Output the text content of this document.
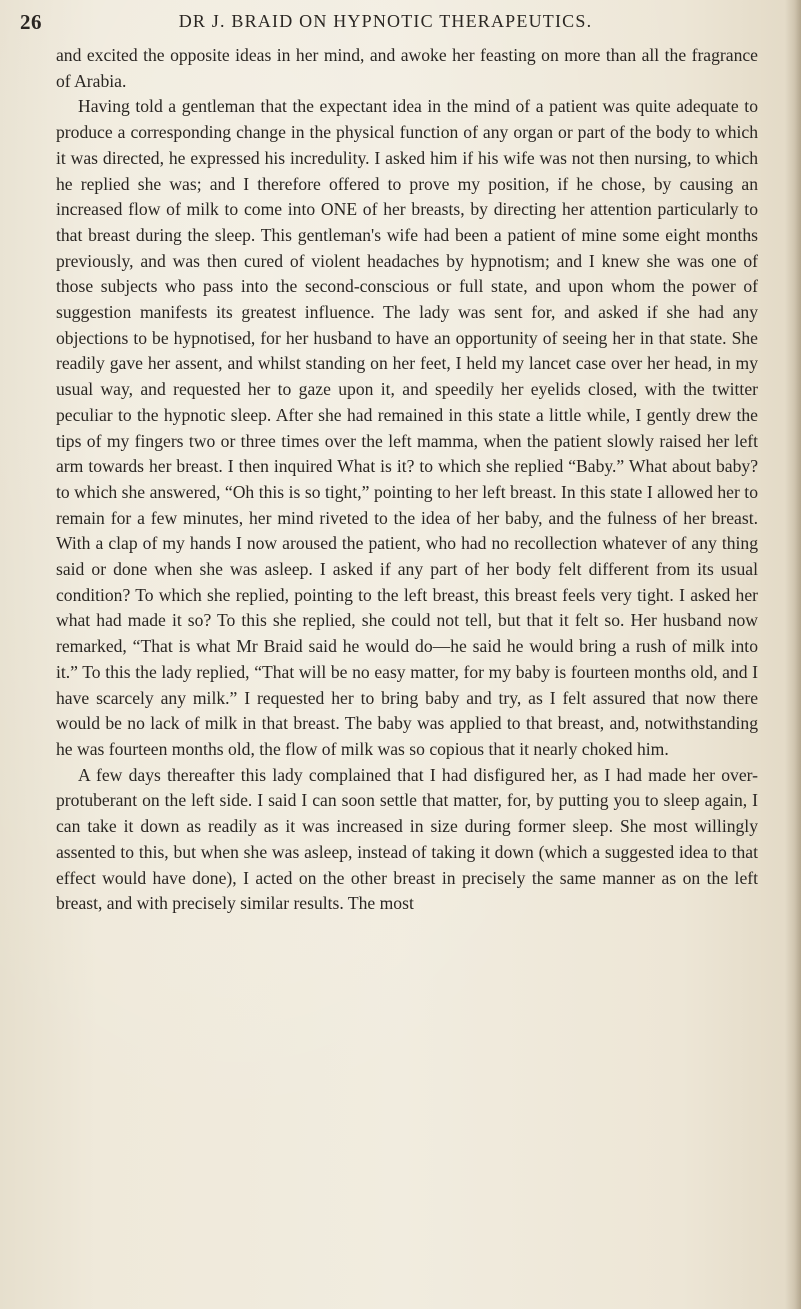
26	DR J. BRAID ON HYPNOTIC THERAPEUTICS.

and excited the opposite ideas in her mind, and awoke her feasting on more than all the fragrance of Arabia.

Having told a gentleman that the expectant idea in the mind of a patient was quite adequate to produce a corresponding change in the physical function of any organ or part of the body to which it was directed, he expressed his incredulity. I asked him if his wife was not then nursing, to which he replied she was; and I therefore offered to prove my position, if he chose, by causing an increased flow of milk to come into ONE of her breasts, by directing her attention particularly to that breast during the sleep. This gentleman's wife had been a patient of mine some eight months previously, and was then cured of violent headaches by hypnotism; and I knew she was one of those subjects who pass into the second-conscious or full state, and upon whom the power of suggestion manifests its greatest influence. The lady was sent for, and asked if she had any objections to be hypnotised, for her husband to have an opportunity of seeing her in that state. She readily gave her assent, and whilst standing on her feet, I held my lancet case over her head, in my usual way, and requested her to gaze upon it, and speedily her eyelids closed, with the twitter peculiar to the hypnotic sleep. After she had remained in this state a little while, I gently drew the tips of my fingers two or three times over the left mamma, when the patient slowly raised her left arm towards her breast. I then inquired What is it? to which she replied “Baby.” What about baby? to which she answered, “Oh this is so tight,” pointing to her left breast. In this state I allowed her to remain for a few minutes, her mind riveted to the idea of her baby, and the fulness of her breast. With a clap of my hands I now aroused the patient, who had no recollection whatever of any thing said or done when she was asleep. I asked if any part of her body felt different from its usual condition? To which she replied, pointing to the left breast, this breast feels very tight. I asked her what had made it so? To this she replied, she could not tell, but that it felt so. Her husband now remarked, “That is what Mr Braid said he would do—he said he would bring a rush of milk into it.” To this the lady replied, “That will be no easy matter, for my baby is fourteen months old, and I have scarcely any milk.” I requested her to bring baby and try, as I felt assured that now there would be no lack of milk in that breast. The baby was applied to that breast, and, notwithstanding he was fourteen months old, the flow of milk was so copious that it nearly choked him.

A few days thereafter this lady complained that I had disfigured her, as I had made her over-protuberant on the left side. I said I can soon settle that matter, for, by putting you to sleep again, I can take it down as readily as it was increased in size during former sleep. She most willingly assented to this, but when she was asleep, instead of taking it down (which a suggested idea to that effect would have done), I acted on the other breast in precisely the same manner as on the left breast, and with precisely similar results. The most
